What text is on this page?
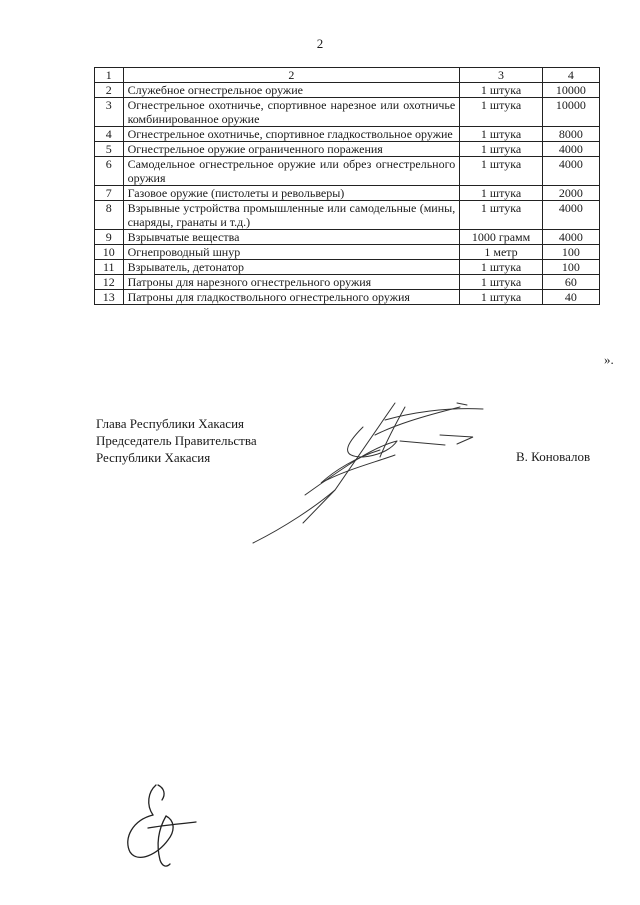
2
1	2	3	4
2	Служебное огнестрельное оружие	1 штука	10000
3	Огнестрельное охотничье, спортивное нарезное или охотничье комбинированное оружие	1 штука	10000
4	Огнестрельное охотничье, спортивное гладкоствольное оружие	1 штука	8000
5	Огнестрельное оружие ограниченного поражения	1 штука	4000
6	Самодельное огнестрельное оружие или обрез огнестрельного оружия	1 штука	4000
7	Газовое оружие (пистолеты и револьверы)	1 штука	2000
8	Взрывные устройства промышленные или самодельные (мины, снаряды, гранаты и т.д.)	1 штука	4000
9	Взрывчатые вещества	1000 грамм	4000
10	Огнепроводный шнур	1 метр	100
11	Взрыватель, детонатор	1 штука	100
12	Патроны для нарезного огнестрельного оружия	1 штука	60
13	Патроны для гладкоствольного огнестрельного оружия	1 штука	40
».
Глава Республики Хакасия
Председатель Правительства
Республики Хакасия	В. Коновалов
